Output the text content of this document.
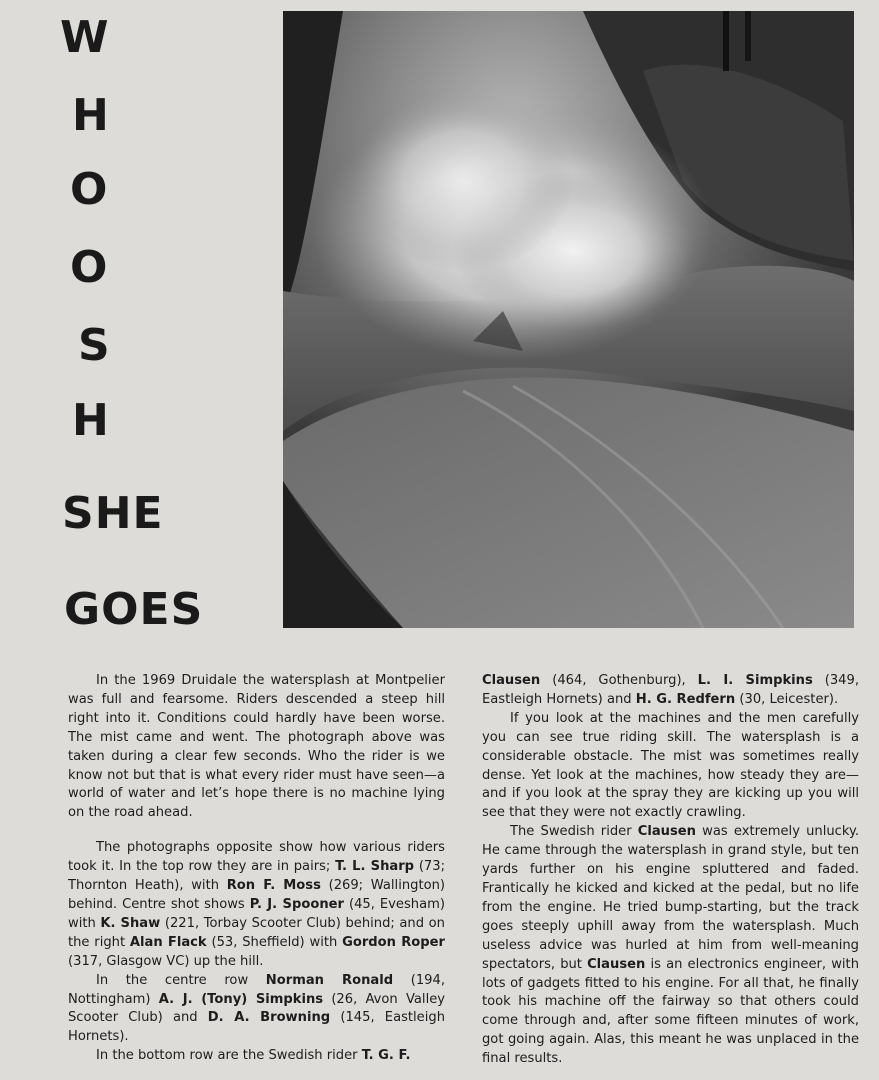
W
H
O
O
S
H
SHE
GOES

In the 1969 Druidale the watersplash at Montpelier was full and fearsome. Riders descended a steep hill right into it. Conditions could hardly have been worse. The mist came and went. The photograph above was taken during a clear few seconds. Who the rider is we know not but that is what every rider must have seen—a world of water and let’s hope there is no machine lying on the road ahead.

The photographs opposite show how various riders took it. In the top row they are in pairs; T. L. Sharp (73; Thornton Heath), with Ron F. Moss (269; Wallington) behind. Centre shot shows P. J. Spooner (45, Evesham) with K. Shaw (221, Torbay Scooter Club) behind; and on the right Alan Flack (53, Sheffield) with Gordon Roper (317, Glasgow VC) up the hill.

In the centre row Norman Ronald (194, Nottingham) A. J. (Tony) Simpkins (26, Avon Valley Scooter Club) and D. A. Browning (145, Eastleigh Hornets).

In the bottom row are the Swedish rider T. G. F.

Clausen (464, Gothenburg), L. I. Simpkins (349, Eastleigh Hornets) and H. G. Redfern (30, Leicester).

If you look at the machines and the men carefully you can see true riding skill. The watersplash is a considerable obstacle. The mist was sometimes really dense. Yet look at the machines, how steady they are—and if you look at the spray they are kicking up you will see that they were not exactly crawling.

The Swedish rider Clausen was extremely unlucky. He came through the watersplash in grand style, but ten yards further on his engine spluttered and faded. Frantically he kicked and kicked at the pedal, but no life from the engine. He tried bump-starting, but the track goes steeply uphill away from the watersplash. Much useless advice was hurled at him from well-meaning spectators, but Clausen is an electronics engineer, with lots of gadgets fitted to his engine. For all that, he finally took his machine off the fairway so that others could come through and, after some fifteen minutes of work, got going again. Alas, this meant he was unplaced in the final results.
